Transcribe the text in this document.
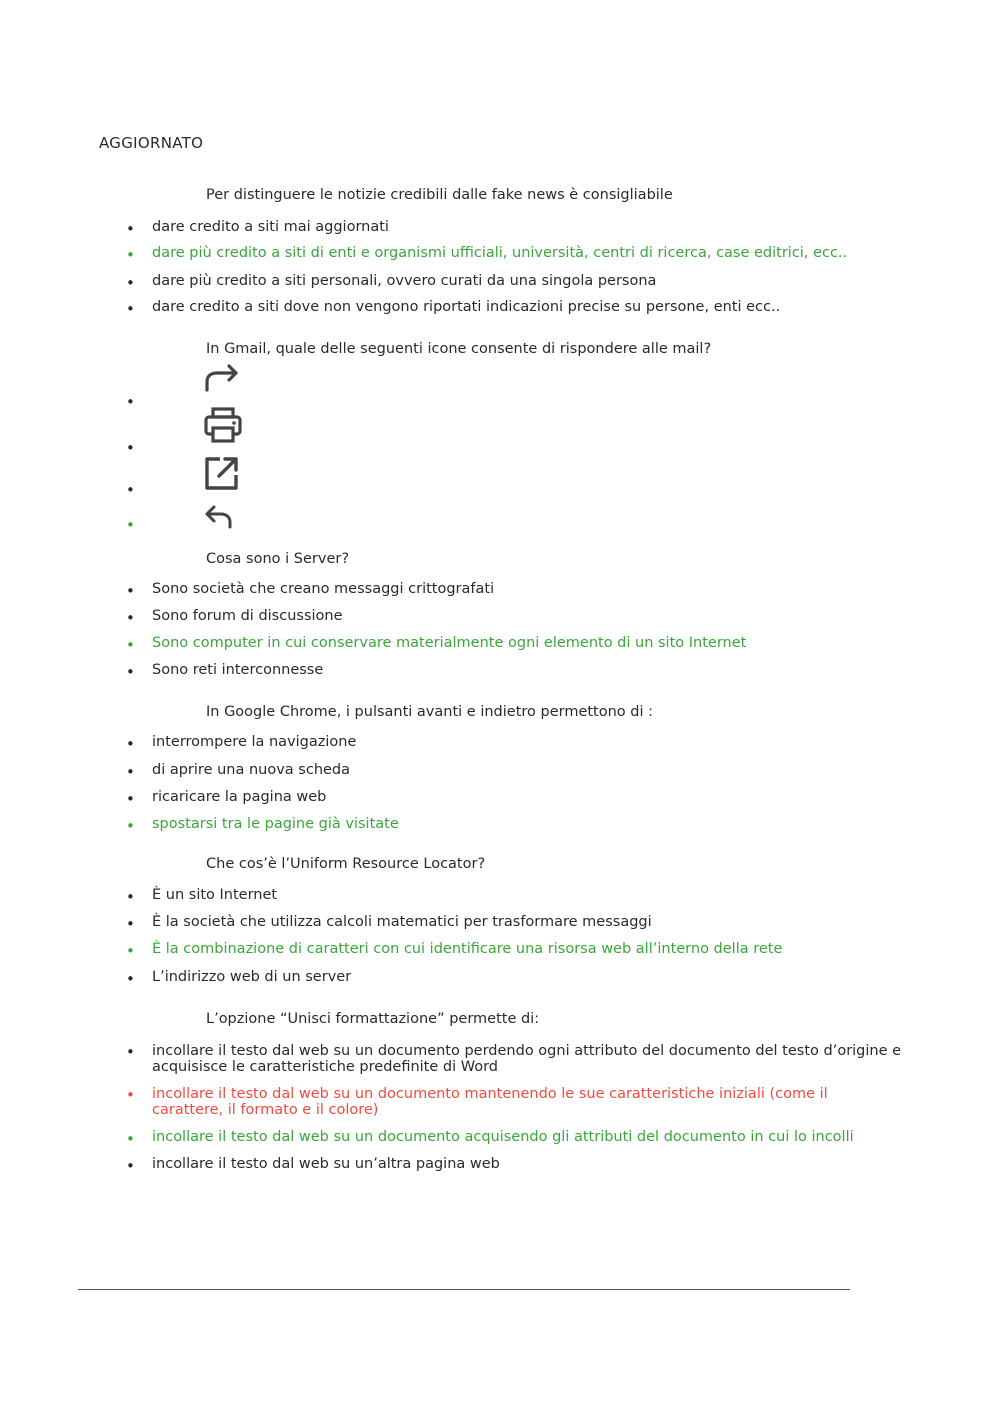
AGGIORNATO
Per distinguere le notizie credibili dalle fake news è consigliabile
• dare credito a siti mai aggiornati
• dare più credito a siti di enti e organismi ufficiali, università, centri di ricerca, case editrici, ecc..
• dare più credito a siti personali, ovvero curati da una singola persona
• dare credito a siti dove non vengono riportati indicazioni precise su persone, enti ecc..
In Gmail, quale delle seguenti icone consente di rispondere alle mail?
•
•
•
•
Cosa sono i Server?
• Sono società che creano messaggi crittografati
• Sono forum di discussione
• Sono computer in cui conservare materialmente ogni elemento di un sito Internet
• Sono reti interconnesse
In Google Chrome, i pulsanti avanti e indietro permettono di :
• interrompere la navigazione
• di aprire una nuova scheda
• ricaricare la pagina web
• spostarsi tra le pagine già visitate
Che cos’è l’Uniform Resource Locator?
• È un sito Internet
• È la società che utilizza calcoli matematici per trasformare messaggi
• È la combinazione di caratteri con cui identificare una risorsa web all’interno della rete
• L’indirizzo web di un server
L’opzione “Unisci formattazione” permette di:
• incollare il testo dal web su un documento perdendo ogni attributo del documento del testo d’origine e acquisisce le caratteristiche predefinite di Word
• incollare il testo dal web su un documento mantenendo le sue caratteristiche iniziali (come il carattere, il formato e il colore)
• incollare il testo dal web su un documento acquisendo gli attributi del documento in cui lo incolli
• incollare il testo dal web su un’altra pagina web
